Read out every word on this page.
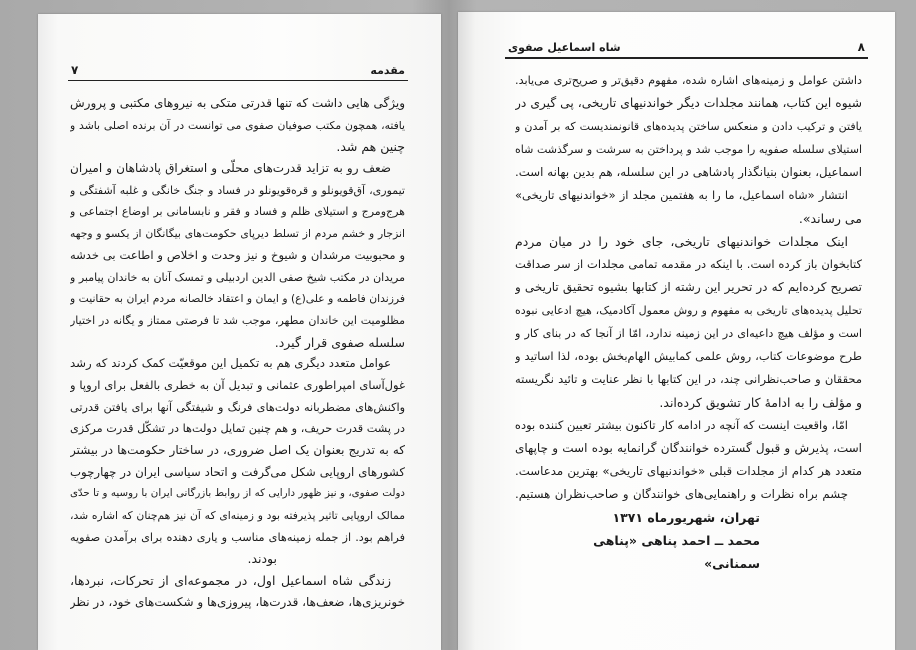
مقدمه
۷
ویژگی هایی داشت که تنها قدرتی متکی به نیروهای مکتبی و پرورش
یافته، همچون مکتب صوفیان صفوی می توانست در آن برنده اصلی باشد و
چنین هم شد.
ضعف رو به تزاید قدرت‌های محلّی و استغراق پادشاهان و امیران
تیموری، آق‌قویونلو و قره‌قویونلو در فساد و جنگ خانگی و غلبه آشفتگی و
هرج‌ومرج و استیلای ظلم و فساد و فقر و نابسامانی بر اوضاع اجتماعی و
انزجار و خشم مردم از تسلط دیرپای حکومت‌های بیگانگان از یکسو و وجهه
و محبوبیت مرشدان و شیوخ و نیز وحدت و اخلاص و اطاعت بی خدشه
مریدان در مکتب شیخ صفی الدین اردبیلی و تمسک آنان به خاندان پیامبر و
فرزندان فاطمه و علی(ع) و ایمان و اعتقاد خالصانه مردم ایران به حقانیت و
مظلومیت این خاندان مطهر، موجب شد تا فرصتی ممتاز و یگانه در اختیار
سلسله صفوی قرار گیرد.
عوامل متعدد دیگری هم به تکمیل این موقعیّت کمک کردند که رشد
غول‌آسای امپراطوری عثمانی و تبدیل آن به خطری بالفعل برای اروپا و
واکنش‌های مضطربانه دولت‌های فرنگ و شیفتگی آنها برای یافتن قدرتی
در پشت قدرت حریف، و هم چنین تمایل دولت‌ها در تشکّل قدرت مرکزی
که به تدریج بعنوان یک اصل ضروری، در ساختار حکومت‌ها در بیشتر
کشورهای اروپایی شکل می‌گرفت و اتحاد سیاسی ایران در چهارچوب
دولت صفوی، و نیز ظهور دارایی که از روابط بازرگانی ایران با روسیه و تا حدّی
ممالک اروپایی تاثیر پذیرفته بود و زمینه‌ای که آن نیز هم‌چنان که اشاره شد،
فراهم بود. از جمله زمینه‌های مناسب و یاری دهنده برای برآمدن صفویه
بودند.
زندگی شاه اسماعیل اول، در مجموعه‌ای از تحرکات، نبردها،
خونریزی‌ها، ضعف‌ها، قدرت‌ها، پیروزی‌ها و شکست‌های خود، در نظر
۸
شاه اسماعیل صفوی
داشتن عوامل و زمینه‌های اشاره شده، مفهوم دقیق‌تر و صریح‌تری می‌یابد.
شیوه این کتاب، همانند مجلدات دیگر خواندنیهای تاریخی، پی گیری در
یافتن و ترکیب دادن و منعکس ساختن پدیده‌های قانونمندیست که بر آمدن و
استیلای سلسله صفویه را موجب شد و پرداختن به سرشت و سرگذشت شاه
اسماعیل، بعنوان بنیانگذار پادشاهی در این سلسله، هم بدین بهانه است.
انتشار «شاه اسماعیل، ما را به هفتمین مجلد از «خواندنیهای تاریخی»
می رساند».
اینک مجلدات خواندنیهای تاریخی، جای خود را در میان مردم
کتابخوان باز کرده است. با اینکه در مقدمه تمامی مجلدات از سر صداقت
تصریح کرده‌ایم که در تحریر این رشته از کتابها بشیوه تحقیق تاریخی و
تحلیل پدیده‌های تاریخی به مفهوم و روش معمول آکادمیک، هیچ ادعایی نبوده
است و مؤلف هیچ داعیه‌ای در این زمینه ندارد، امّا از آنجا که در بنای کار و
طرح موضوعات کتاب، روش علمی کمابیش الهام‌بخش بوده، لذا اساتید و
محققان و صاحب‌نظرانی چند، در این کتابها با نظر عنایت و تائید نگریسته
و مؤلف را به ادامهٔ کار تشویق کرده‌اند.
امّا، واقعیت اینست که آنچه در ادامه کار تاکنون بیشتر تعیین کننده بوده
است، پذیرش و قبول گسترده خوانندگان گرانمایه بوده است و چاپهای
متعدد هر کدام از مجلدات قبلی «خواندنیهای تاریخی» بهترین مدعاست.
چشم براه نظرات و راهنمایی‌های خوانندگان و صاحب‌نظران هستیم.
تهران، شهریورماه ۱۳۷۱
محمد ــ احمد پناهی «پناهی
سمنانی»
